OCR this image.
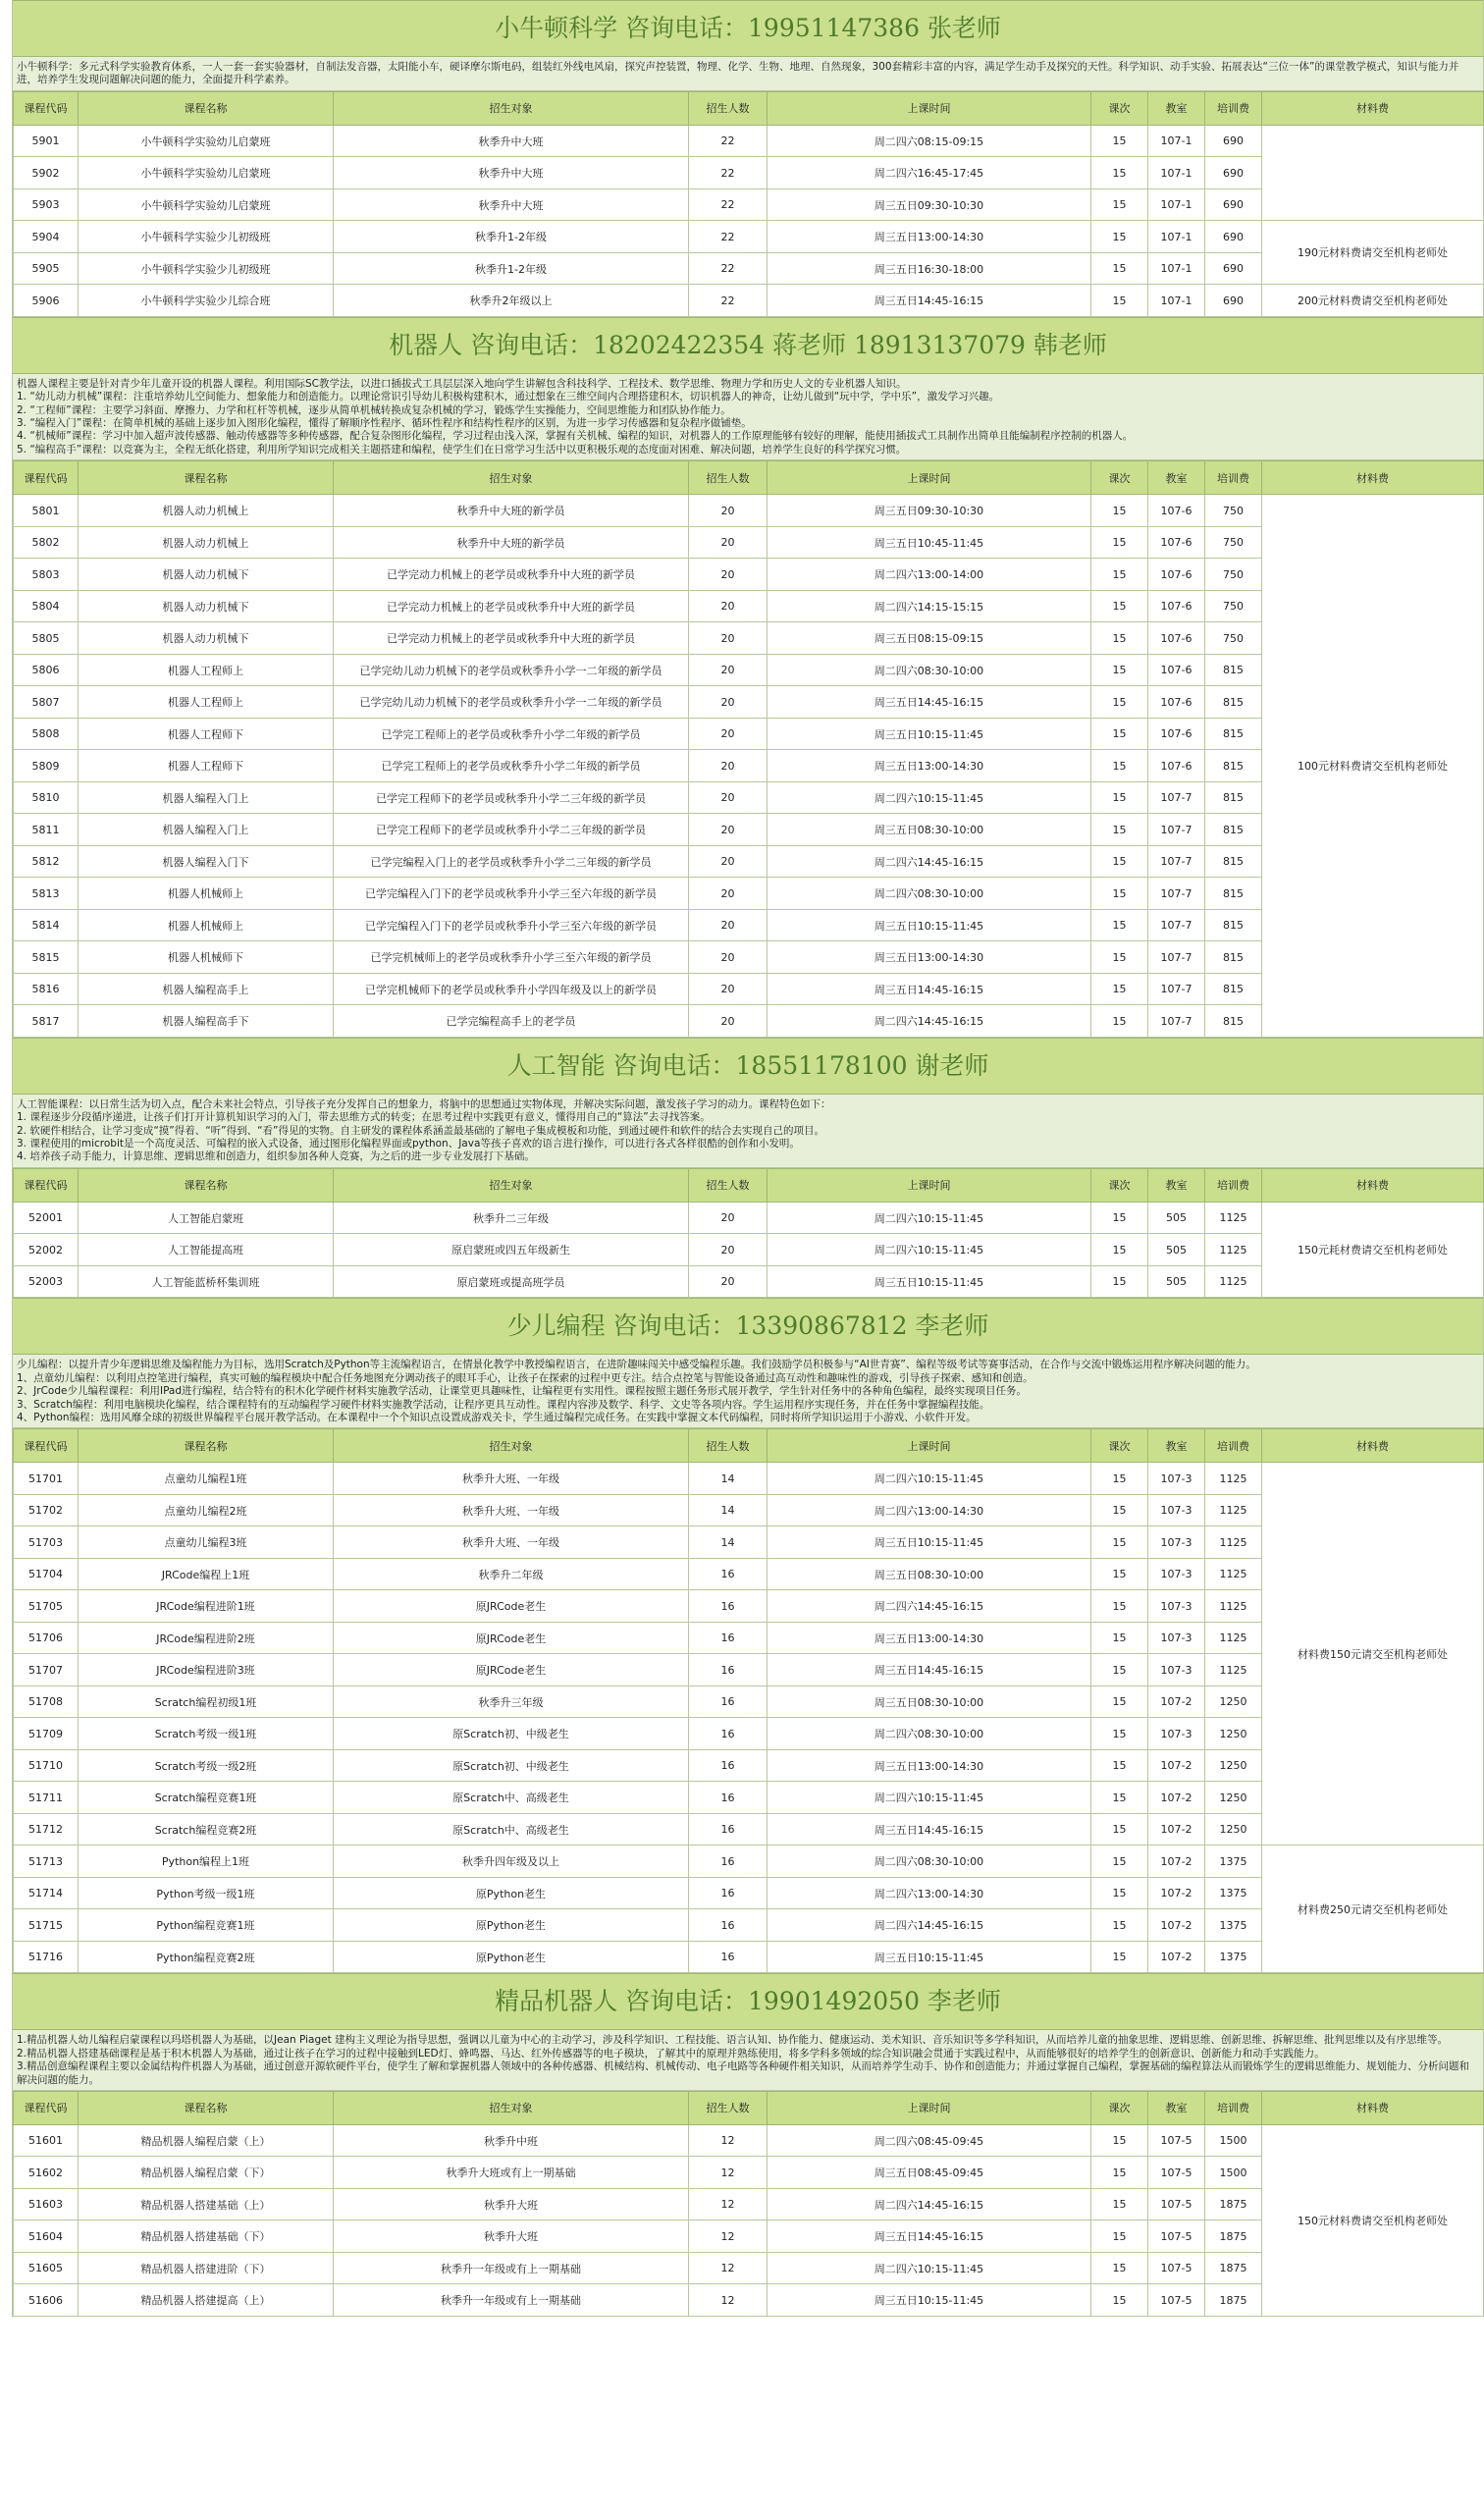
小牛顿科学 咨询电话：19951147386 张老师

小牛顿科学：多元式科学实验教育体系，一人一套一套实验器材，自制法发音器，太阳能小车，硬译摩尔斯电码，组装红外线电风扇，探究声控装置，物理、化学、生物、地理、自然现象，300套精彩丰富的内容，满足学生动手及探究的天性。科学知识、动手实验、拓展表达“三位一体”的课堂教学模式，知识与能力并进，培养学生发现问题解决问题的能力，全面提升科学素养。

课程代码	课程名称	招生对象	招生人数	上课时间	课次	教室	培训费	材料费
5901	小牛顿科学实验幼儿启蒙班	秋季升中大班	22	周二四六08:15-09:15	15	107-1	690	
5902	小牛顿科学实验幼儿启蒙班	秋季升中大班	22	周二四六16:45-17:45	15	107-1	690	
5903	小牛顿科学实验幼儿启蒙班	秋季升中大班	22	周三五日09:30-10:30	15	107-1	690	
5904	小牛顿科学实验少儿初级班	秋季升1-2年级	22	周三五日13:00-14:30	15	107-1	690	190元材料费请交至机构老师处
5905	小牛顿科学实验少儿初级班	秋季升1-2年级	22	周三五日16:30-18:00	15	107-1	690	
5906	小牛顿科学实验少儿综合班	秋季升2年级以上	22	周三五日14:45-16:15	15	107-1	690	200元材料费请交至机构老师处
机器人 咨询电话：18202422354 蒋老师 18913137079 韩老师

机器人课程主要是针对青少年儿童开设的机器人课程。利用国际SC教学法，以进口插拔式工具层层深入地向学生讲解包含科技科学、工程技术、数学思维、物理力学和历史人文的专业机器人知识。

1. “幼儿动力机械”课程：注重培养幼儿空间能力、想象能力和创造能力。以理论常识引导幼儿积极构建积木，通过想象在三维空间内合理搭建积木，切识机器人的神奇，让幼儿做到“玩中学，学中乐”，激发学习兴趣。

2. “工程师”课程：主要学习斜面、摩擦力、力学和杠杆等机械，逐步从简单机械转换成复杂机械的学习，锻炼学生实操能力，空间思维能力和团队协作能力。

3. “编程入门”课程：在简单机械的基础上逐步加入图形化编程，懂得了解顺序性程序、循环性程序和结构性程序的区别，为进一步学习传感器和复杂程序做铺垫。

4. “机械师”课程：学习中加入超声波传感器、触动传感器等多种传感器，配合复杂图形化编程，学习过程由浅入深，掌握有关机械、编程的知识，对机器人的工作原理能够有较好的理解，能使用插拔式工具制作出简单且能编制程序控制的机器人。

5. “编程高手”课程：以竞赛为主，全程无纸化搭建，利用所学知识完成相关主题搭建和编程，使学生们在日常学习生活中以更积极乐观的态度面对困难、解决问题，培养学生良好的科学探究习惯。

课程代码	课程名称	招生对象	招生人数	上课时间	课次	教室	培训费	材料费
5801	机器人动力机械上	秋季升中大班的新学员	20	周三五日09:30-10:30	15	107-6	750	100元材料费请交至机构老师处
5802	机器人动力机械上	秋季升中大班的新学员	20	周三五日10:45-11:45	15	107-6	750	
5803	机器人动力机械下	已学完动力机械上的老学员或秋季升中大班的新学员	20	周二四六13:00-14:00	15	107-6	750	
5804	机器人动力机械下	已学完动力机械上的老学员或秋季升中大班的新学员	20	周二四六14:15-15:15	15	107-6	750	
5805	机器人动力机械下	已学完动力机械上的老学员或秋季升中大班的新学员	20	周三五日08:15-09:15	15	107-6	750	
5806	机器人工程师上	已学完幼儿动力机械下的老学员或秋季升小学一二年级的新学员	20	周二四六08:30-10:00	15	107-6	815	
5807	机器人工程师上	已学完幼儿动力机械下的老学员或秋季升小学一二年级的新学员	20	周三五日14:45-16:15	15	107-6	815	
5808	机器人工程师下	已学完工程师上的老学员或秋季升小学二年级的新学员	20	周三五日10:15-11:45	15	107-6	815	
5809	机器人工程师下	已学完工程师上的老学员或秋季升小学二年级的新学员	20	周三五日13:00-14:30	15	107-6	815	
5810	机器人编程入门上	已学完工程师下的老学员或秋季升小学二三年级的新学员	20	周二四六10:15-11:45	15	107-7	815	
5811	机器人编程入门上	已学完工程师下的老学员或秋季升小学二三年级的新学员	20	周三五日08:30-10:00	15	107-7	815	
5812	机器人编程入门下	已学完编程入门上的老学员或秋季升小学二三年级的新学员	20	周二四六14:45-16:15	15	107-7	815	
5813	机器人机械师上	已学完编程入门下的老学员或秋季升小学三至六年级的新学员	20	周二四六08:30-10:00	15	107-7	815	
5814	机器人机械师上	已学完编程入门下的老学员或秋季升小学三至六年级的新学员	20	周三五日10:15-11:45	15	107-7	815	
5815	机器人机械师下	已学完机械师上的老学员或秋季升小学三至六年级的新学员	20	周三五日13:00-14:30	15	107-7	815	
5816	机器人编程高手上	已学完机械师下的老学员或秋季升小学四年级及以上的新学员	20	周三五日14:45-16:15	15	107-7	815	
5817	机器人编程高手下	已学完编程高手上的老学员	20	周二四六14:45-16:15	15	107-7	815	
人工智能 咨询电话：18551178100 谢老师

人工智能课程：以日常生活为切入点，配合未来社会特点，引导孩子充分发挥自己的想象力，将脑中的思想通过实物体现，并解决实际问题，激发孩子学习的动力。课程特色如下：

1. 课程逐步分段循序递进，让孩子们打开计算机知识学习的入门，带去思维方式的转变；在思考过程中实践更有意义，懂得用自己的“算法”去寻找答案。

2. 软硬件相结合，让学习变成“摸”得着、“听”得到、“看”得见的实物。自主研发的课程体系涵盖最基础的了解电子集成模板和功能，到通过硬件和软件的结合去实现自己的项目。

3. 课程使用的microbit是一个高度灵活、可编程的嵌入式设备，通过图形化编程界面或python、Java等孩子喜欢的语言进行操作，可以进行各式各样很酷的创作和小发明。

4. 培养孩子动手能力，计算思维、逻辑思维和创造力，组织参加各种人竞赛，为之后的进一步专业发展打下基础。

课程代码	课程名称	招生对象	招生人数	上课时间	课次	教室	培训费	材料费
52001	人工智能启蒙班	秋季升二三年级	20	周二四六10:15-11:45	15	505	1125	150元耗材费请交至机构老师处
52002	人工智能提高班	原启蒙班或四五年级新生	20	周二四六10:15-11:45	15	505	1125	
52003	人工智能蓝桥杯集训班	原启蒙班或提高班学员	20	周三五日10:15-11:45	15	505	1125	
少儿编程 咨询电话：13390867812 李老师

少儿编程：以提升青少年逻辑思维及编程能力为目标，选用Scratch及Python等主流编程语言，在情景化教学中教授编程语言，在进阶趣味闯关中感受编程乐趣。我们鼓励学员积极参与“AI世青赛”、编程等级考试等赛事活动，在合作与交流中锻炼运用程序解决问题的能力。

1、点童幼儿编程：以利用点控笔进行编程，真实可触的编程模块中配合任务地图充分调动孩子的眼耳手心，让孩子在探索的过程中更专注。结合点控笔与智能设备通过高互动性和趣味性的游戏，引导孩子探索、感知和创造。

2、JrCode少儿编程课程：利用IPad进行编程，结合特有的积木化学硬件材料实施教学活动，让课堂更具趣味性，让编程更有实用性。课程按照主题任务形式展开教学，学生针对任务中的各种角色编程，最终实现项目任务。

3、Scratch编程：利用电脑模块化编程，结合课程特有的互动编程学习硬件材料实施教学活动，让程序更具互动性。课程内容涉及数学、科学、文史等各项内容。学生运用程序实现任务，并在任务中掌握编程技能。

4、Python编程：选用风靡全球的初级世界编程平台展开教学活动。在本课程中一个个知识点设置成游戏关卡，学生通过编程完成任务。在实践中掌握文本代码编程，同时将所学知识运用于小游戏、小软件开发。

课程代码	课程名称	招生对象	招生人数	上课时间	课次	教室	培训费	材料费
51701	点童幼儿编程1班	秋季升大班、一年级	14	周二四六10:15-11:45	15	107-3	1125	材料费150元请交至机构老师处
51702	点童幼儿编程2班	秋季升大班、一年级	14	周二四六13:00-14:30	15	107-3	1125	
51703	点童幼儿编程3班	秋季升大班、一年级	14	周三五日10:15-11:45	15	107-3	1125	
51704	JRCode编程上1班	秋季升二年级	16	周三五日08:30-10:00	15	107-3	1125	
51705	JRCode编程进阶1班	原JRCode老生	16	周二四六14:45-16:15	15	107-3	1125	
51706	JRCode编程进阶2班	原JRCode老生	16	周三五日13:00-14:30	15	107-3	1125	
51707	JRCode编程进阶3班	原JRCode老生	16	周三五日14:45-16:15	15	107-3	1125	
51708	Scratch编程初级1班	秋季升三年级	16	周三五日08:30-10:00	15	107-2	1250	
51709	Scratch考级一级1班	原Scratch初、中级老生	16	周二四六08:30-10:00	15	107-3	1250	
51710	Scratch考级一级2班	原Scratch初、中级老生	16	周三五日13:00-14:30	15	107-2	1250	
51711	Scratch编程竞赛1班	原Scratch中、高级老生	16	周二四六10:15-11:45	15	107-2	1250	
51712	Scratch编程竞赛2班	原Scratch中、高级老生	16	周三五日14:45-16:15	15	107-2	1250	
51713	Python编程上1班	秋季升四年级及以上	16	周二四六08:30-10:00	15	107-2	1375	材料费250元请交至机构老师处
51714	Python考级一级1班	原Python老生	16	周二四六13:00-14:30	15	107-2	1375	
51715	Python编程竞赛1班	原Python老生	16	周二四六14:45-16:15	15	107-2	1375	
51716	Python编程竞赛2班	原Python老生	16	周三五日10:15-11:45	15	107-2	1375	
精品机器人 咨询电话：19901492050 李老师

1.精品机器人幼儿编程启蒙课程以玛塔机器人为基础，以Jean Piaget 建构主义理论为指导思想，强调以儿童为中心的主动学习，涉及科学知识、工程技能、语言认知、协作能力、健康运动、美术知识、音乐知识等多学科知识，从而培养儿童的抽象思维、逻辑思维、创新思维、拆解思维、批判思维以及有序思维等。

2.精品机器人搭建基础课程是基于积木机器人为基础，通过让孩子在学习的过程中接触到LED灯、蜂鸣器、马达、红外传感器等的电子模块，了解其中的原理并熟练使用，将多学科多领域的综合知识融会贯通于实践过程中，从而能够很好的培养学生的创新意识、创新能力和动手实践能力。

3.精品创意编程课程主要以金属结构件机器人为基础，通过创意开源软硬件平台，使学生了解和掌握机器人领域中的各种传感器、机械结构、机械传动、电子电路等各种硬件相关知识，从而培养学生动手、协作和创造能力；并通过掌握自己编程，掌握基础的编程算法从而锻炼学生的逻辑思维能力、规划能力、分析问题和解决问题的能力。

课程代码	课程名称	招生对象	招生人数	上课时间	课次	教室	培训费	材料费
51601	精品机器人编程启蒙（上）	秋季升中班	12	周二四六08:45-09:45	15	107-5	1500	150元材料费请交至机构老师处
51602	精品机器人编程启蒙（下）	秋季升大班或有上一期基础	12	周三五日08:45-09:45	15	107-5	1500	
51603	精品机器人搭建基础（上）	秋季升大班	12	周二四六14:45-16:15	15	107-5	1875	
51604	精品机器人搭建基础（下）	秋季升大班	12	周三五日14:45-16:15	15	107-5	1875	
51605	精品机器人搭建进阶（下）	秋季升一年级或有上一期基础	12	周二四六10:15-11:45	15	107-5	1875	
51606	精品机器人搭建提高（上）	秋季升一年级或有上一期基础	12	周三五日10:15-11:45	15	107-5	1875	
